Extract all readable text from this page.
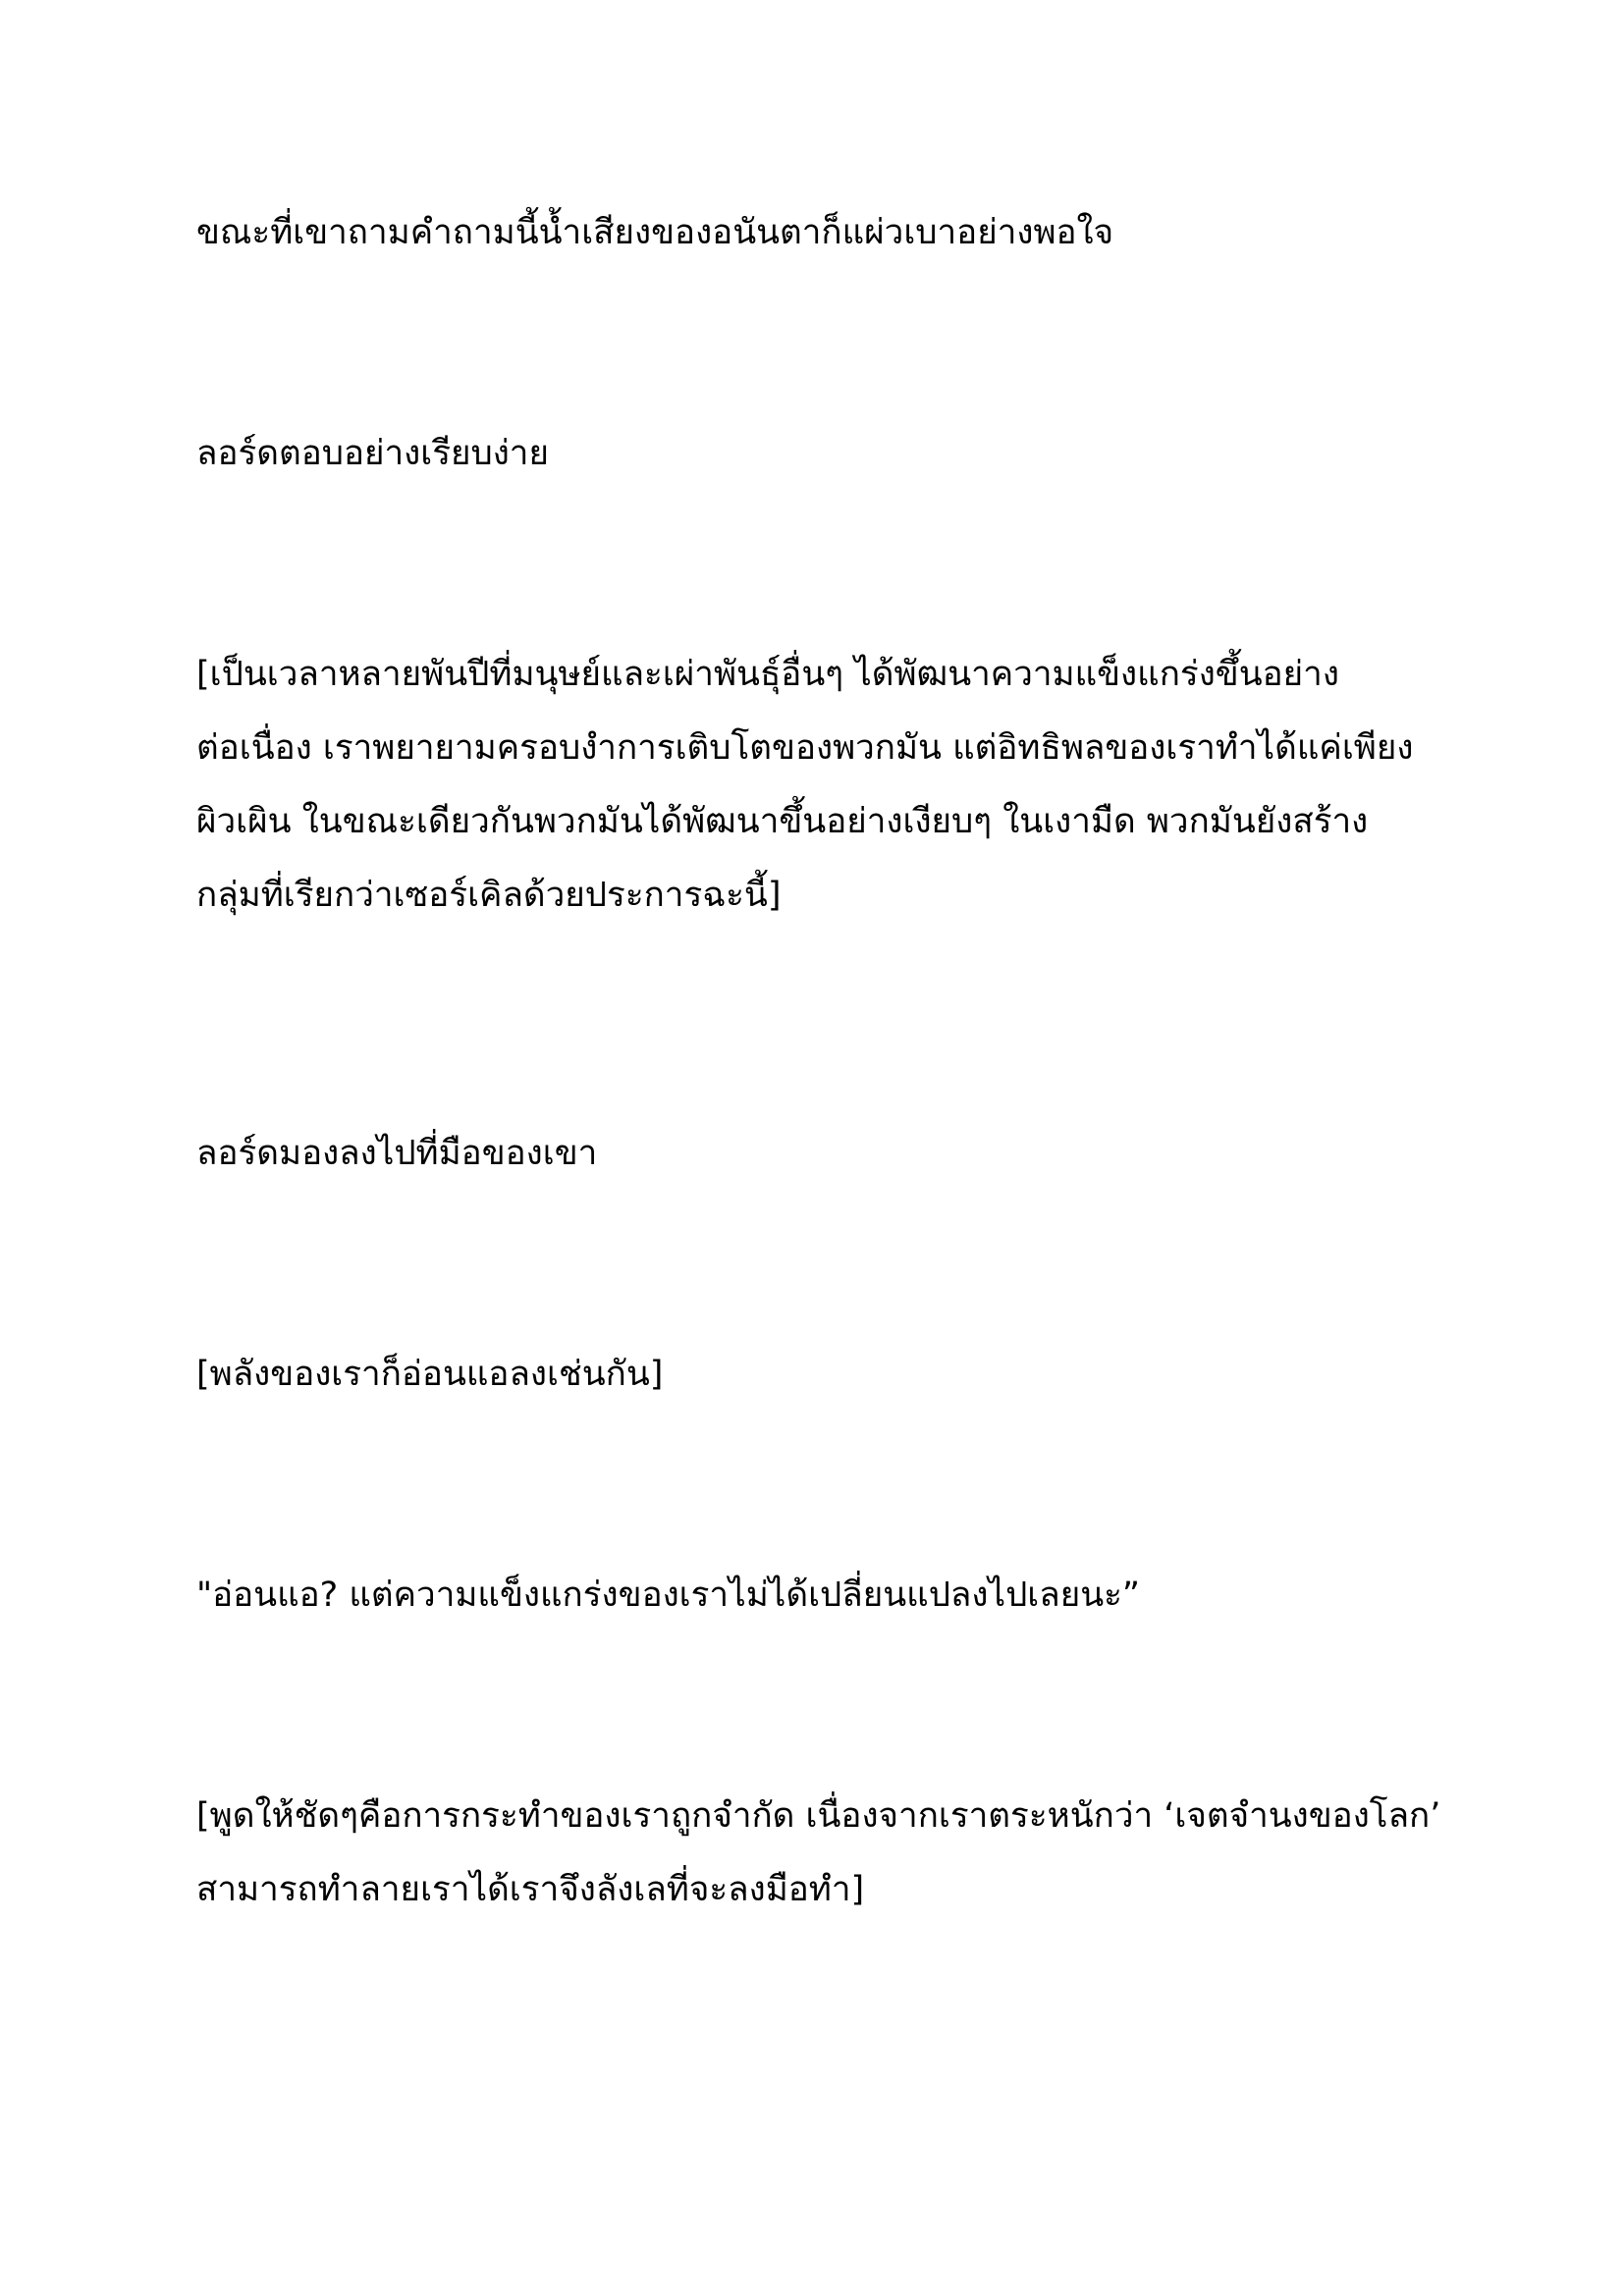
ขณะที่เขาถามคำถามนี้น้ำเสียงของอนันตาก็แผ่วเบาอย่างพอใจ

ลอร์ดตอบอย่างเรียบง่าย

[เป็นเวลาหลายพันปีที่มนุษย์และเผ่าพันธุ์อื่นๆ ได้พัฒนาความแข็งแกร่งขึ้นอย่าง
ต่อเนื่อง เราพยายามครอบงำการเติบโตของพวกมัน แต่อิทธิพลของเราทำได้แค่เพียง
ผิวเผิน ในขณะเดียวกันพวกมันได้พัฒนาขึ้นอย่างเงียบๆ ในเงามืด พวกมันยังสร้าง
กลุ่มที่เรียกว่าเซอร์เคิลด้วยประการฉะนี้]

ลอร์ดมองลงไปที่มือของเขา

[พลังของเราก็อ่อนแอลงเช่นกัน]

"อ่อนแอ? แต่ความแข็งแกร่งของเราไม่ได้เปลี่ยนแปลงไปเลยนะ”

[พูดให้ชัดๆคือการกระทำของเราถูกจำกัด เนื่องจากเราตระหนักว่า ‘เจตจำนงของโลก’
สามารถทำลายเราได้เราจึงลังเลที่จะลงมือทำ]
